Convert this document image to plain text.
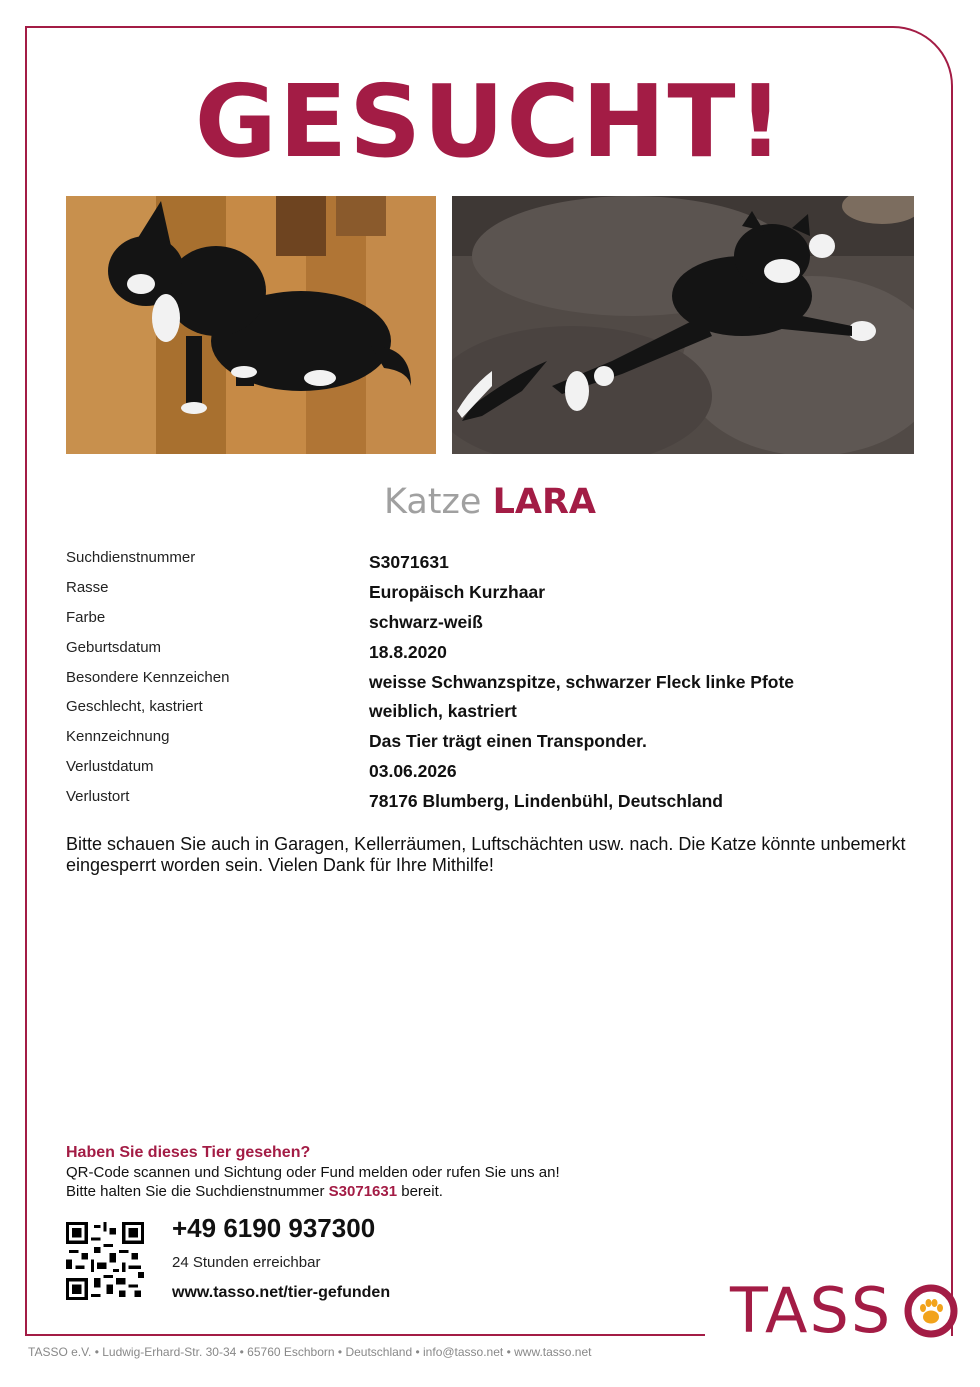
GESUCHT!
Katze LARA
Suchdienstnummer	S3071631
Rasse	Europäisch Kurzhaar
Farbe	schwarz-weiß
Geburtsdatum	18.8.2020
Besondere Kennzeichen	weisse Schwanzspitze, schwarzer Fleck linke Pfote
Geschlecht, kastriert	weiblich, kastriert
Kennzeichnung	Das Tier trägt einen Transponder.
Verlustdatum	03.06.2026
Verlustort	78176 Blumberg, Lindenbühl, Deutschland
Bitte schauen Sie auch in Garagen, Kellerräumen, Luftschächten usw. nach. Die Katze könnte unbemerkt eingesperrt worden sein. Vielen Dank für Ihre Mithilfe!
Haben Sie dieses Tier gesehen?
QR-Code scannen und Sichtung oder Fund melden oder rufen Sie uns an!
Bitte halten Sie die Suchdienstnummer S3071631 bereit.
+49 6190 937300
24 Stunden erreichbar
www.tasso.net/tier-gefunden	TASS
TASSO e.V. • Ludwig-Erhard-Str. 30-34 • 65760 Eschborn • Deutschland • info@tasso.net • www.tasso.net
